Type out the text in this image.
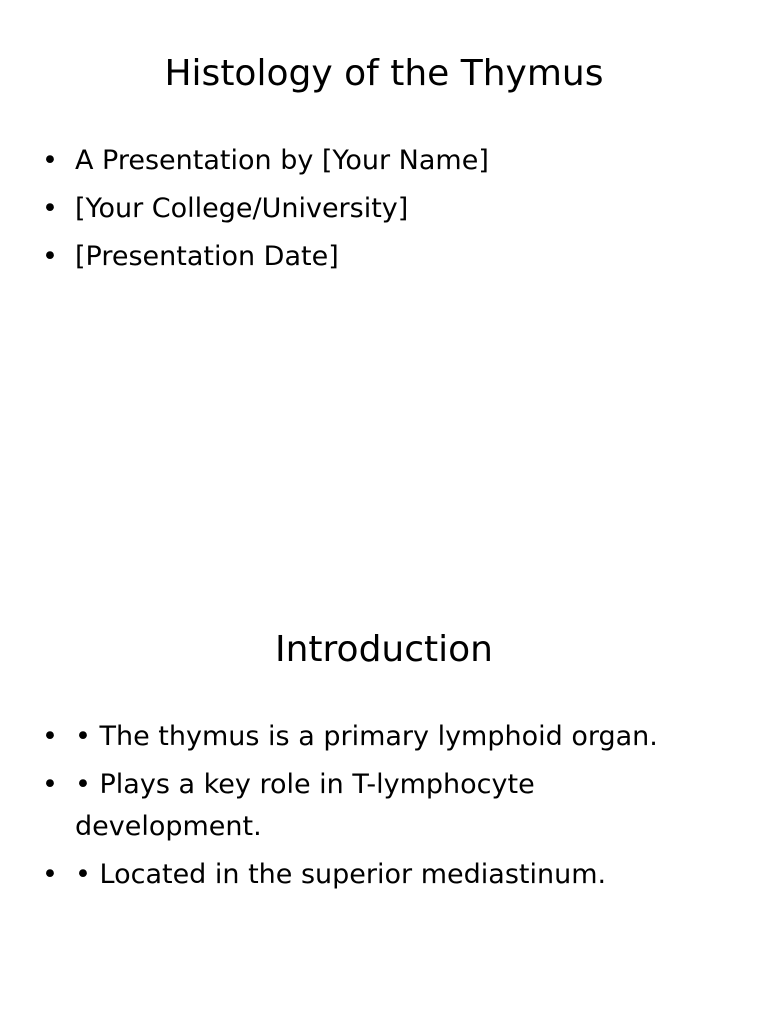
Histology of the Thymus
• A Presentation by [Your Name]
• [Your College/University]
• [Presentation Date]
Introduction
• • The thymus is a primary lymphoid organ.
• • Plays a key role in T-lymphocyte development.
• • Located in the superior mediastinum.
